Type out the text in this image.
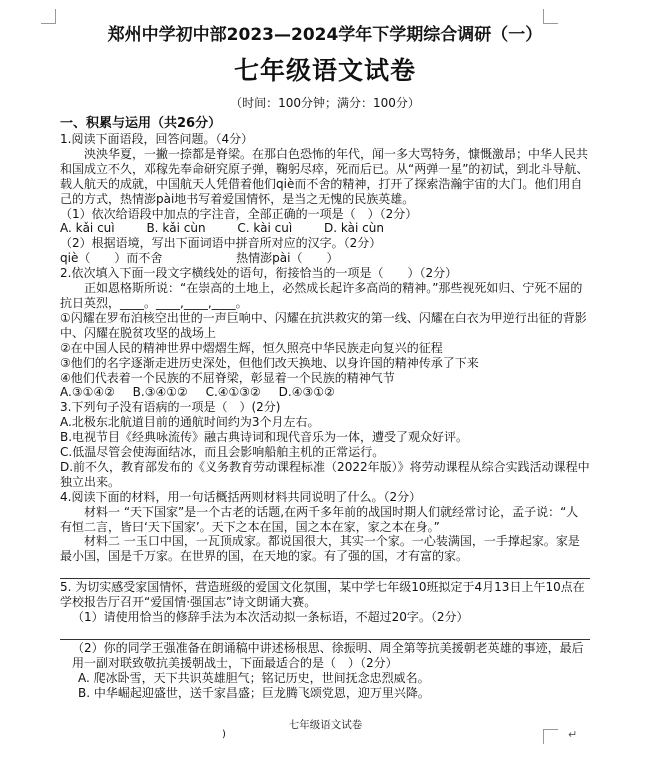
郑州中学初中部2023—2024学年下学期综合调研（一）
七年级语文试卷
（时间：100分钟；满分：100分）

一、积累与运用（共26分）

1.阅读下面语段，回答问题。（4分）

泱泱华夏，一撇一捺都是脊梁。在那白色恐怖的年代，闻一多大骂特务，慷慨激昂；中华人民共和国成立不久，邓稼先奉命研究原子弹，鞠躬尽瘁，死而后已。从“两弹一星”的初试，到北斗导航、载人航天的成就，中国航天人凭借着他们qiè而不舍的精神，打开了探索浩瀚宇宙的大门。他们用自己的方式，热情澎pài地书写着爱国情怀，是当之无愧的民族英雄。

（1）依次给语段中加点的字注音，全部正确的一项是（　）（2分）

A. kǎi cuì	B. kǎi cùn	C. kài cuì	D. kài cùn

（2）根据语境，写出下面词语中拼音所对应的汉字。（2分）

qiè（　　）而不舍	热情澎pài（　　）

2.依次填入下面一段文字横线处的语句，衔接恰当的一项是（　　）（2分）

正如恩格斯所说：“在崇高的土地上，必然成长起许多高尚的精神。”那些视死如归、宁死不屈的抗日英烈，____。____,____,____。

①闪耀在罗布泊核空出世的一声巨响中、闪耀在抗洪救灾的第一线、闪耀在白衣为甲逆行出征的背影中、闪耀在脱贫攻坚的战场上

②在中国人民的精神世界中熠熠生辉，恒久照亮中华民族走向复兴的征程

③他们的名字逐渐走进历史深处，但他们改天换地、以身许国的精神传承了下来

④他们代表着一个民族的不屈脊梁，彰显着一个民族的精神气节

A.③①④② B.③④①② C.④①③② D.④③①②

3.下列句子没有语病的一项是（　）(2分)

A.北极东北航道目前的通航时间约为3个月左右。

B.电视节目《经典咏流传》融古典诗词和现代音乐为一体，遭受了观众好评。

C.低温尽管会使海面结冰，而且会影响船舶主机的正常运行。

D.前不久，教育部发布的《义务教育劳动课程标准（2022年版）》将劳动课程从综合实践活动课程中独立出来。

4.阅读下面的材料，用一句话概括两则材料共同说明了什么。（2分）

材料一 “天下国家”是一个古老的话题,在两千多年前的战国时期人们就经常讨论，孟子说：“人有恒二言，皆曰‘天下国家’。天下之本在国，国之本在家，家之本在身。”

材料二 一玉口中国，一瓦顶成家。都说国很大，其实一个家。一心装满国，一手撑起家。家是最小国，国是千万家。在世界的国，在天地的家。有了强的国，才有富的家。

5. 为切实感受家国情怀，营造班级的爱国文化氛围，某中学七年级10班拟定于4月13日上午10点在学校报告厅召开“爱国情·强国志”诗文朗诵大赛。

（1）请使用恰当的修辞手法为本次活动拟一条标语，不超过20字。（2分）

（2）你的同学王强准备在朗诵稿中讲述杨根思、徐振明、周全第等抗美援朝老英雄的事迹，最后用一副对联致敬抗美援朝战士，下面最适合的是（　）（2分）

A. 爬冰卧雪，天下共识英雄胆气；铭记历史，世间抚念忠烈威名。

B. 中华崛起迎盛世，送千家昌盛；巨龙腾飞颂党恩，迎万里兴降。

七年级语文试卷
)	↵
